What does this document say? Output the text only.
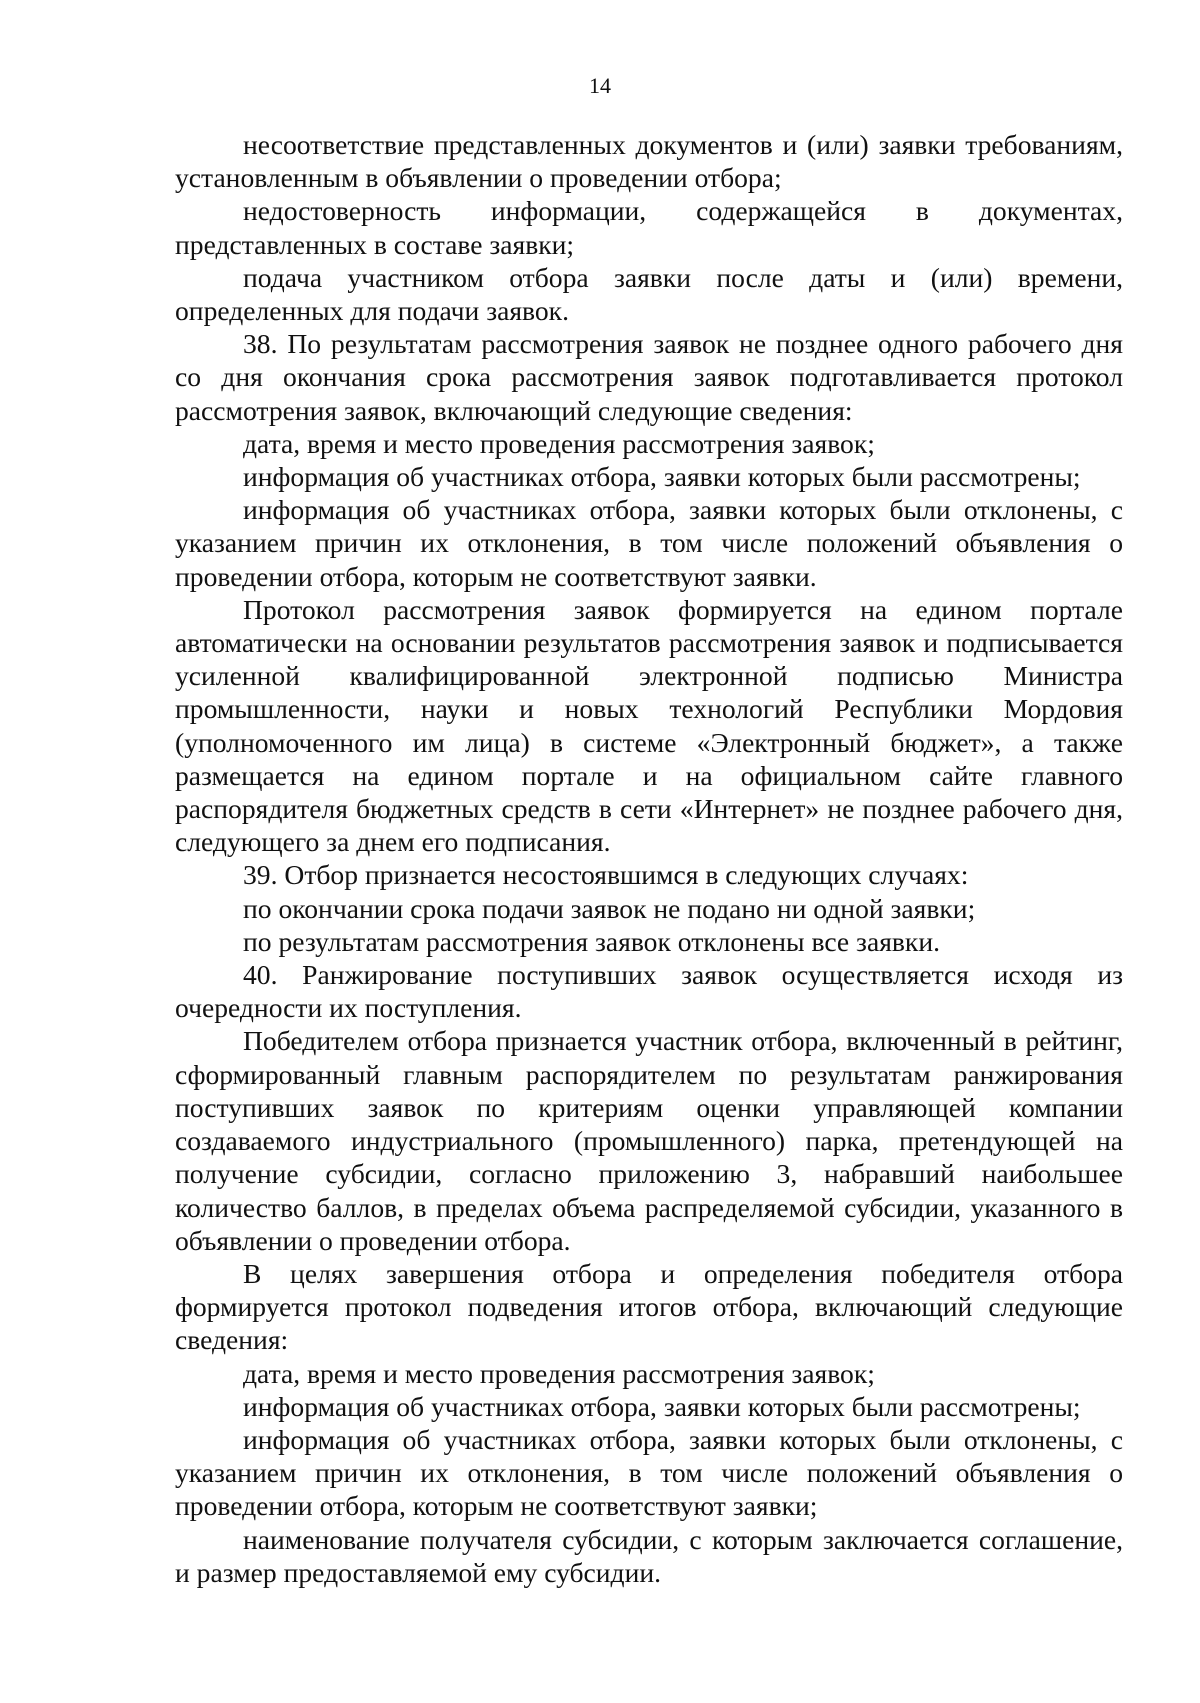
14

несоответствие представленных документов и (или) заявки требованиям, установленным в объявлении о проведении отбора;

недостоверность информации, содержащейся в документах, представленных в составе заявки;

подача участником отбора заявки после даты и (или) времени, определенных для подачи заявок.

38. По результатам рассмотрения заявок не позднее одного рабочего дня со дня окончания срока рассмотрения заявок подготавливается протокол рассмотрения заявок, включающий следующие сведения:

дата, время и место проведения рассмотрения заявок;

информация об участниках отбора, заявки которых были рассмотрены;

информация об участниках отбора, заявки которых были отклонены, с указанием причин их отклонения, в том числе положений объявления о проведении отбора, которым не соответствуют заявки.

Протокол рассмотрения заявок формируется на едином портале автоматически на основании результатов рассмотрения заявок и подписывается усиленной квалифицированной электронной подписью Министра промышленности, науки и новых технологий Республики Мордовия (уполномоченного им лица) в системе «Электронный бюджет», а также размещается на едином портале и на официальном сайте главного распорядителя бюджетных средств в сети «Интернет» не позднее рабочего дня, следующего за днем его подписания.

39. Отбор признается несостоявшимся в следующих случаях:

по окончании срока подачи заявок не подано ни одной заявки;

по результатам рассмотрения заявок отклонены все заявки.

40. Ранжирование поступивших заявок осуществляется исходя из очередности их поступления.

Победителем отбора признается участник отбора, включенный в рейтинг, сформированный главным распорядителем по результатам ранжирования поступивших заявок по критериям оценки управляющей компании создаваемого индустриального (промышленного) парка, претендующей на получение субсидии, согласно приложению 3, набравший наибольшее количество баллов, в пределах объема распределяемой субсидии, указанного в объявлении о проведении отбора.

В целях завершения отбора и определения победителя отбора формируется протокол подведения итогов отбора, включающий следующие сведения:

дата, время и место проведения рассмотрения заявок;

информация об участниках отбора, заявки которых были рассмотрены;

информация об участниках отбора, заявки которых были отклонены, с указанием причин их отклонения, в том числе положений объявления о проведении отбора, которым не соответствуют заявки;

наименование получателя субсидии, с которым заключается соглашение, и размер предоставляемой ему субсидии.
